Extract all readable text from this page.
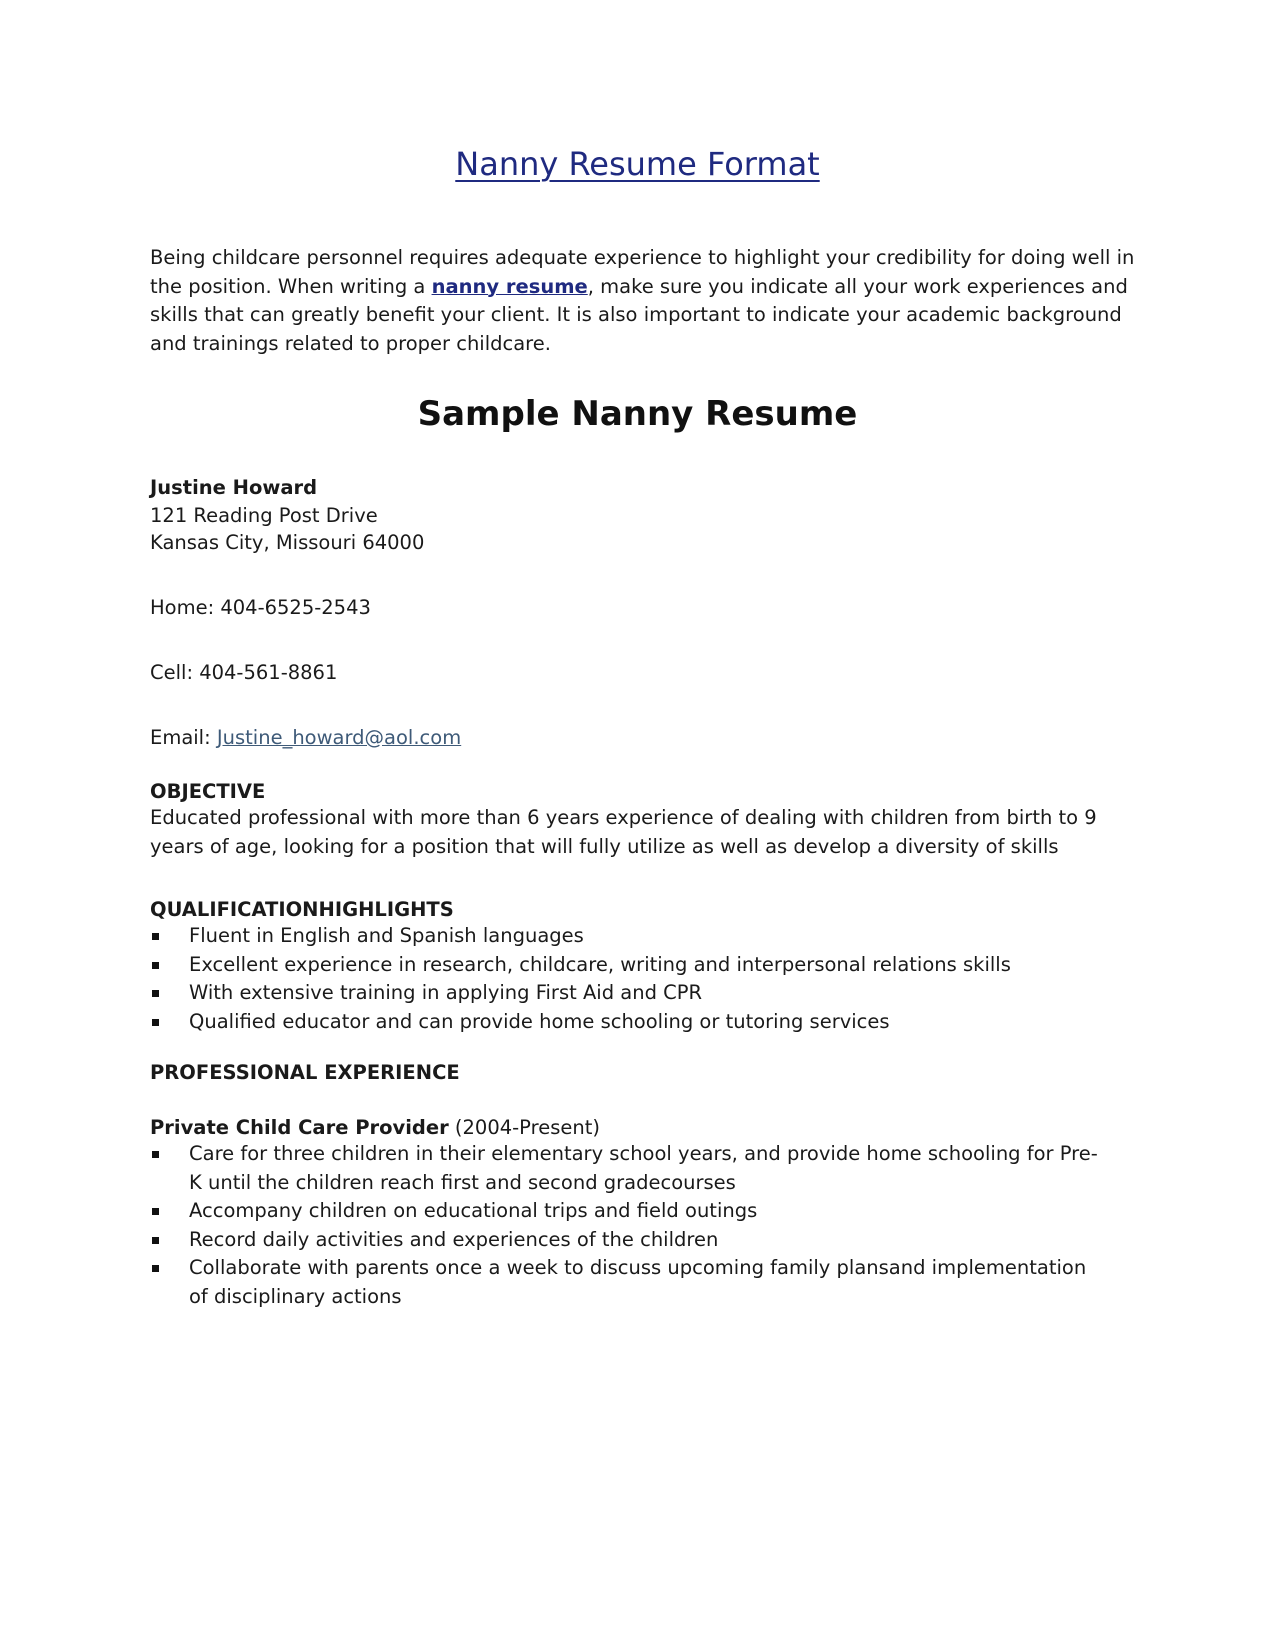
Nanny Resume Format

Being childcare personnel requires adequate experience to highlight your credibility for doing well in the position. When writing a nanny resume, make sure you indicate all your work experiences and skills that can greatly benefit your client. It is also important to indicate your academic background and trainings related to proper childcare.

Sample Nanny Resume
Justine Howard
121 Reading Post Drive
Kansas City, Missouri 64000
Home: 404-6525-2543
Cell: 404-561-8861
Email: Justine_howard@aol.com
OBJECTIVE

Educated professional with more than 6 years experience of dealing with children from birth to 9 years of age, looking for a position that will fully utilize as well as develop a diversity of skills

QUALIFICATIONHIGHLIGHTS
Fluent in English and Spanish languages
Excellent experience in research, childcare, writing and interpersonal relations skills
With extensive training in applying First Aid and CPR
Qualified educator and can provide home schooling or tutoring services
PROFESSIONAL EXPERIENCE
Private Child Care Provider (2004-Present)
Care for three children in their elementary school years, and provide home schooling for Pre-K until the children reach first and second gradecourses
Accompany children on educational trips and field outings
Record daily activities and experiences of the children
Collaborate with parents once a week to discuss upcoming family plansand implementation of disciplinary actions
